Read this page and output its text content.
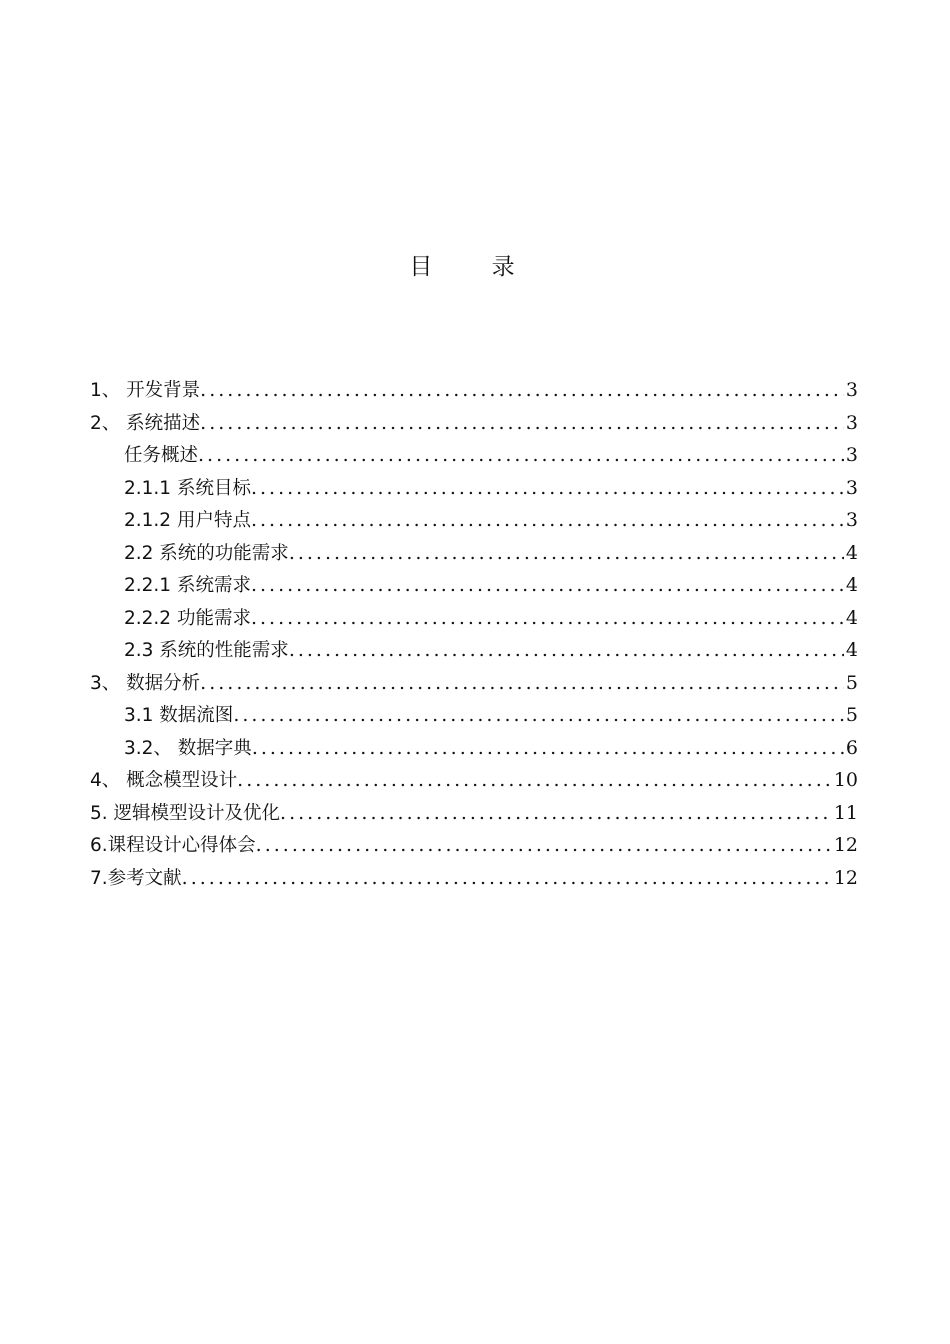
目 录
1、 开发背景 .....	3
2、 系统描述 .....	3
任务概述 .....	3
2.1.1 系统目标 .....	3
2.1.2 用户特点 .....	3
2.2 系统的功能需求 .....	4
2.2.1 系统需求 .....	4
2.2.2 功能需求 .....	4
2.3 系统的性能需求 .....	4
3、 数据分析 .....	5
3.1 数据流图 .....	5
3.2、 数据字典 .....	6
4、 概念模型设计 .....	10
5. 逻辑模型设计及优化 .....	11
6.课程设计心得体会 .....	12
7.参考文献 .....	12
